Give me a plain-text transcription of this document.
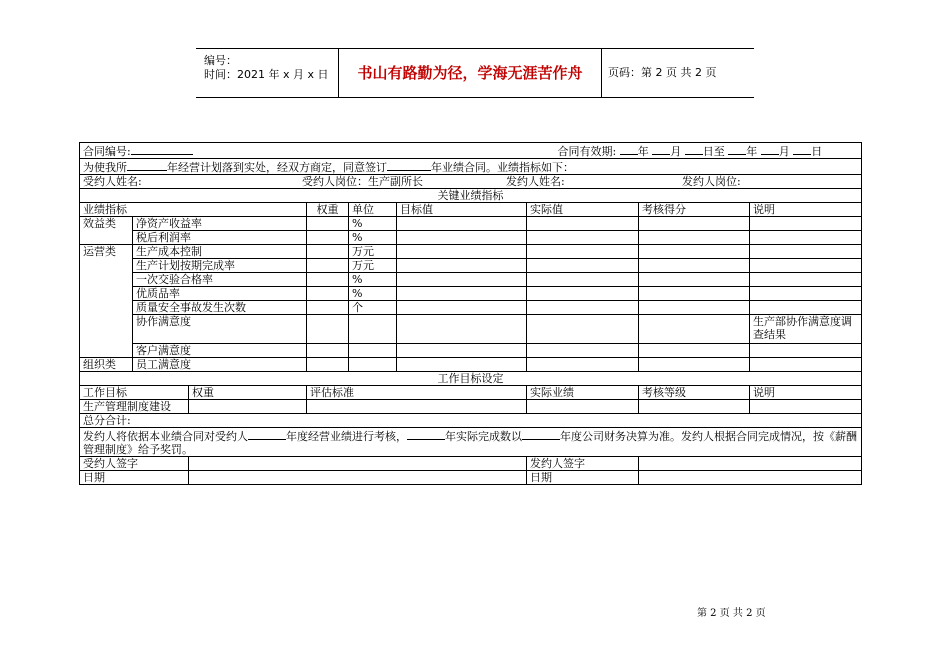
编号：
时间：2021 年 x 月 x 日	书山有路勤为径，学海无涯苦作舟	页码：第 2 页 共 2 页
合同编号: 合同有效期: 年 月 日至 年 月 日								

为使我所 年经营计划落到实处，经双方商定，同意签订 年业绩合同。业绩指标如下：								
受约人姓名: 受约人岗位：生产副所长 发约人姓名: 发约人岗位:								

关键业绩指标								
业绩指标			权重	单位	目标值	实际值	考核得分	说明
效益类	净资产收益率			%				
	税后利润率			%				
运营类	生产成本控制			万元				
	生产计划按期完成率			万元				
	一次交验合格率			%				
	优质品率			%				
	质量安全事故发生次数			个				
	协作满意度							生产部协作满意度调查结果

	客户满意度							
组织类	员工满意度							
工作目标设定								
工作目标		权重	评估标准			实际业绩	考核等级	说明
生产管理制度建设								
总分合计:								
发约人将依据本业绩合同对受约人 年度经营业绩进行考核， 年实际完成数以 年度公司财务决算为准。发约人根据合同完成情况，按《薪酬管理制度》给予奖罚。								
受约人签字						发约人签字		
日期						日期		
第 2 页 共 2 页
